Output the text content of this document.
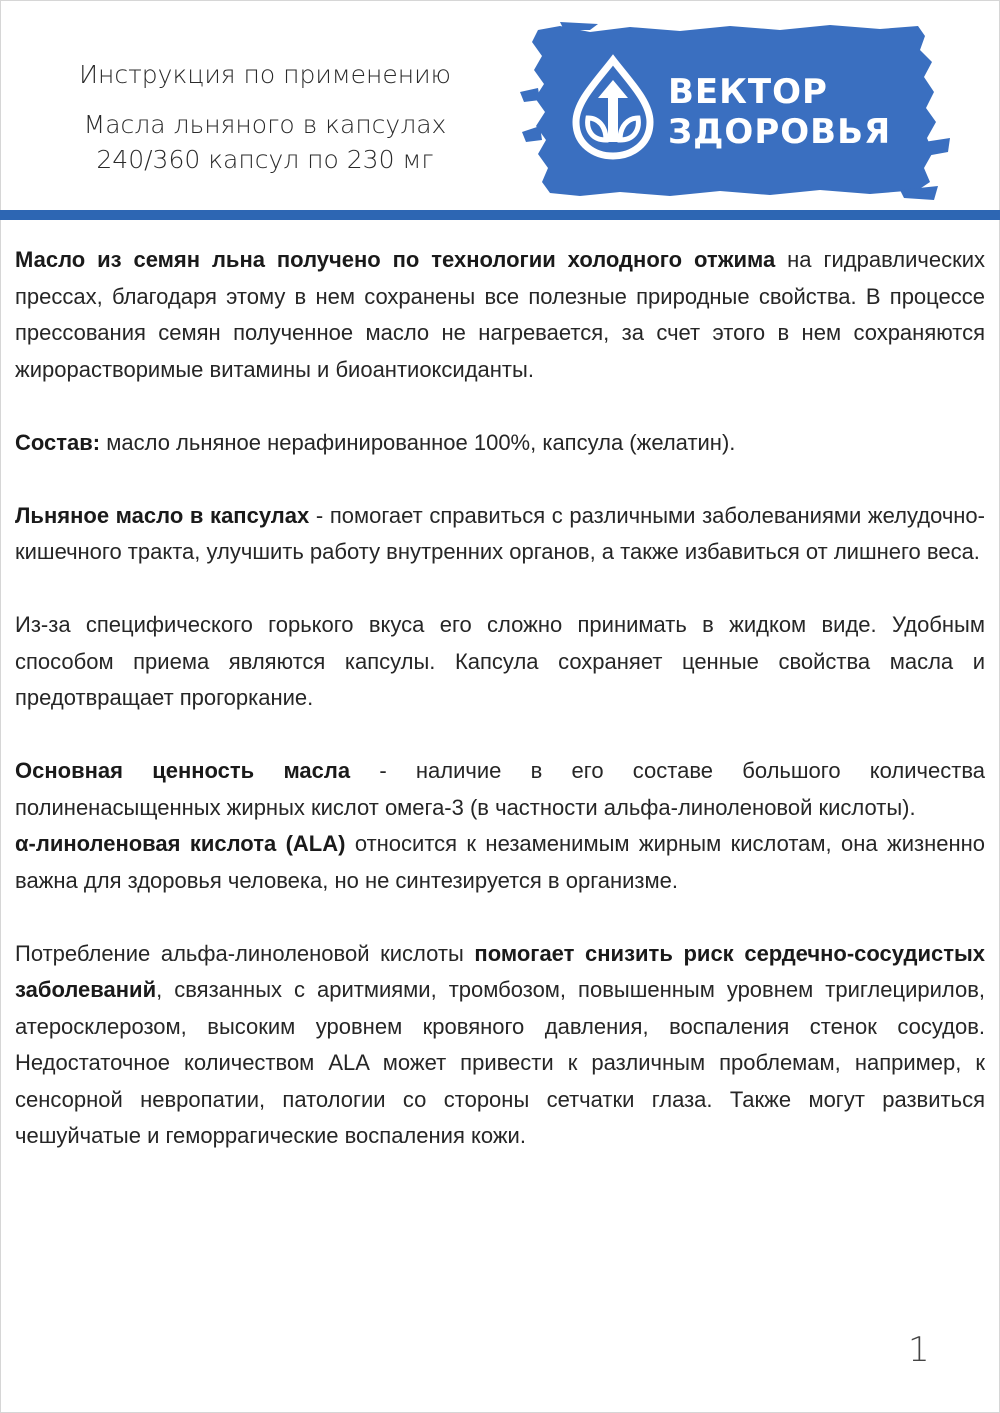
Инструкция по применению
Масла льняного в капсулах
240/360 капсул по 230 мг
ВЕКТОР
ЗДОРОВЬЯ

Масло из семян льна получено по технологии холодного отжима на гидравлических прессах, благодаря этому в нем сохранены все полезные природные свойства. В процессе прессования семян полученное масло не нагревается, за счет этого в нем сохраняются жирорастворимые витамины и биоантиоксиданты.

Состав: масло льняное нерафинированное 100%, капсула (желатин).

Льняное масло в капсулах - помогает справиться с различными заболеваниями желудочно-кишечного тракта, улучшить работу внутренних органов, а также избавиться от лишнего веса.

Из-за специфического горького вкуса его сложно принимать в жидком виде. Удобным способом приема являются капсулы. Капсула сохраняет ценные свойства масла и предотвращает прогоркание.

Основная ценность масла - наличие в его составе большого количества полиненасыщенных жирных кислот омега-3 (в частности альфа-линоленовой кислоты).

α-линоленовая кислота (ALA) относится к незаменимым жирным кислотам, она жизненно важна для здоровья человека, но не синтезируется в организме.

Потребление альфа-линоленовой кислоты помогает снизить риск сердечно-сосудистых заболеваний, связанных с аритмиями, тромбозом, повышенным уровнем триглецирилов, атеросклерозом, высоким уровнем кровяного давления, воспаления стенок сосудов. Недостаточное количеством ALA может привести к различным проблемам, например, к сенсорной невропатии, патологии со стороны сетчатки глаза. Также могут развиться чешуйчатые и геморрагические воспаления кожи.

1
